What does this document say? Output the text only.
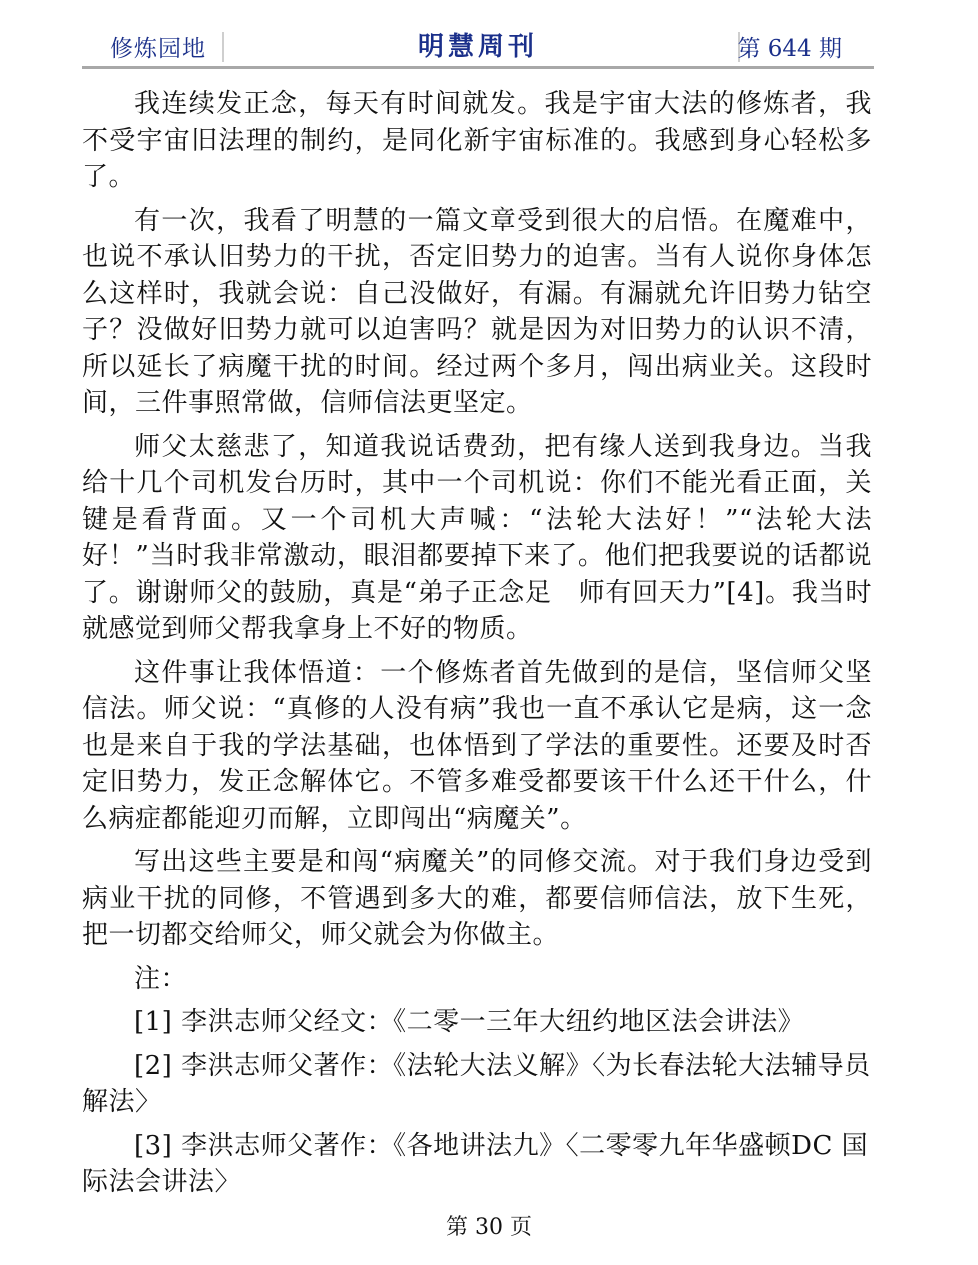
修炼园地	明慧周刊	第 644 期

我连续发正念，每天有时间就发。我是宇宙大法的修炼者，我不受宇宙旧法理的制约，是同化新宇宙标准的。我感到身心轻松多了。

有一次，我看了明慧的一篇文章受到很大的启悟。在魔难中，也说不承认旧势力的干扰，否定旧势力的迫害。当有人说你身体怎么这样时，我就会说：自己没做好，有漏。有漏就允许旧势力钻空子？没做好旧势力就可以迫害吗？就是因为对旧势力的认识不清，所以延长了病魔干扰的时间。经过两个多月，闯出病业关。这段时间，三件事照常做，信师信法更坚定。

师父太慈悲了，知道我说话费劲，把有缘人送到我身边。当我给十几个司机发台历时，其中一个司机说：你们不能光看正面，关键是看背面。又一个司机大声喊：“法轮大法好！”“法轮大法好！”当时我非常激动，眼泪都要掉下来了。他们把我要说的话都说了。谢谢师父的鼓励，真是“弟子正念足　师有回天力”[4]。我当时就感觉到师父帮我拿身上不好的物质。

这件事让我体悟道：一个修炼者首先做到的是信，坚信师父坚信法。师父说：“真修的人没有病”我也一直不承认它是病，这一念也是来自于我的学法基础，也体悟到了学法的重要性。还要及时否定旧势力，发正念解体它。不管多难受都要该干什么还干什么，什么病症都能迎刃而解，立即闯出“病魔关”。

写出这些主要是和闯“病魔关”的同修交流。对于我们身边受到病业干扰的同修，不管遇到多大的难，都要信师信法，放下生死，把一切都交给师父，师父就会为你做主。

注：

[1] 李洪志师父经文：《二零一三年大纽约地区法会讲法》

[2] 李洪志师父著作：《法轮大法义解》〈为长春法轮大法辅导员解法〉

[3] 李洪志师父著作：《各地讲法九》〈二零零九年华盛顿DC 国际法会讲法〉

第 30 页
